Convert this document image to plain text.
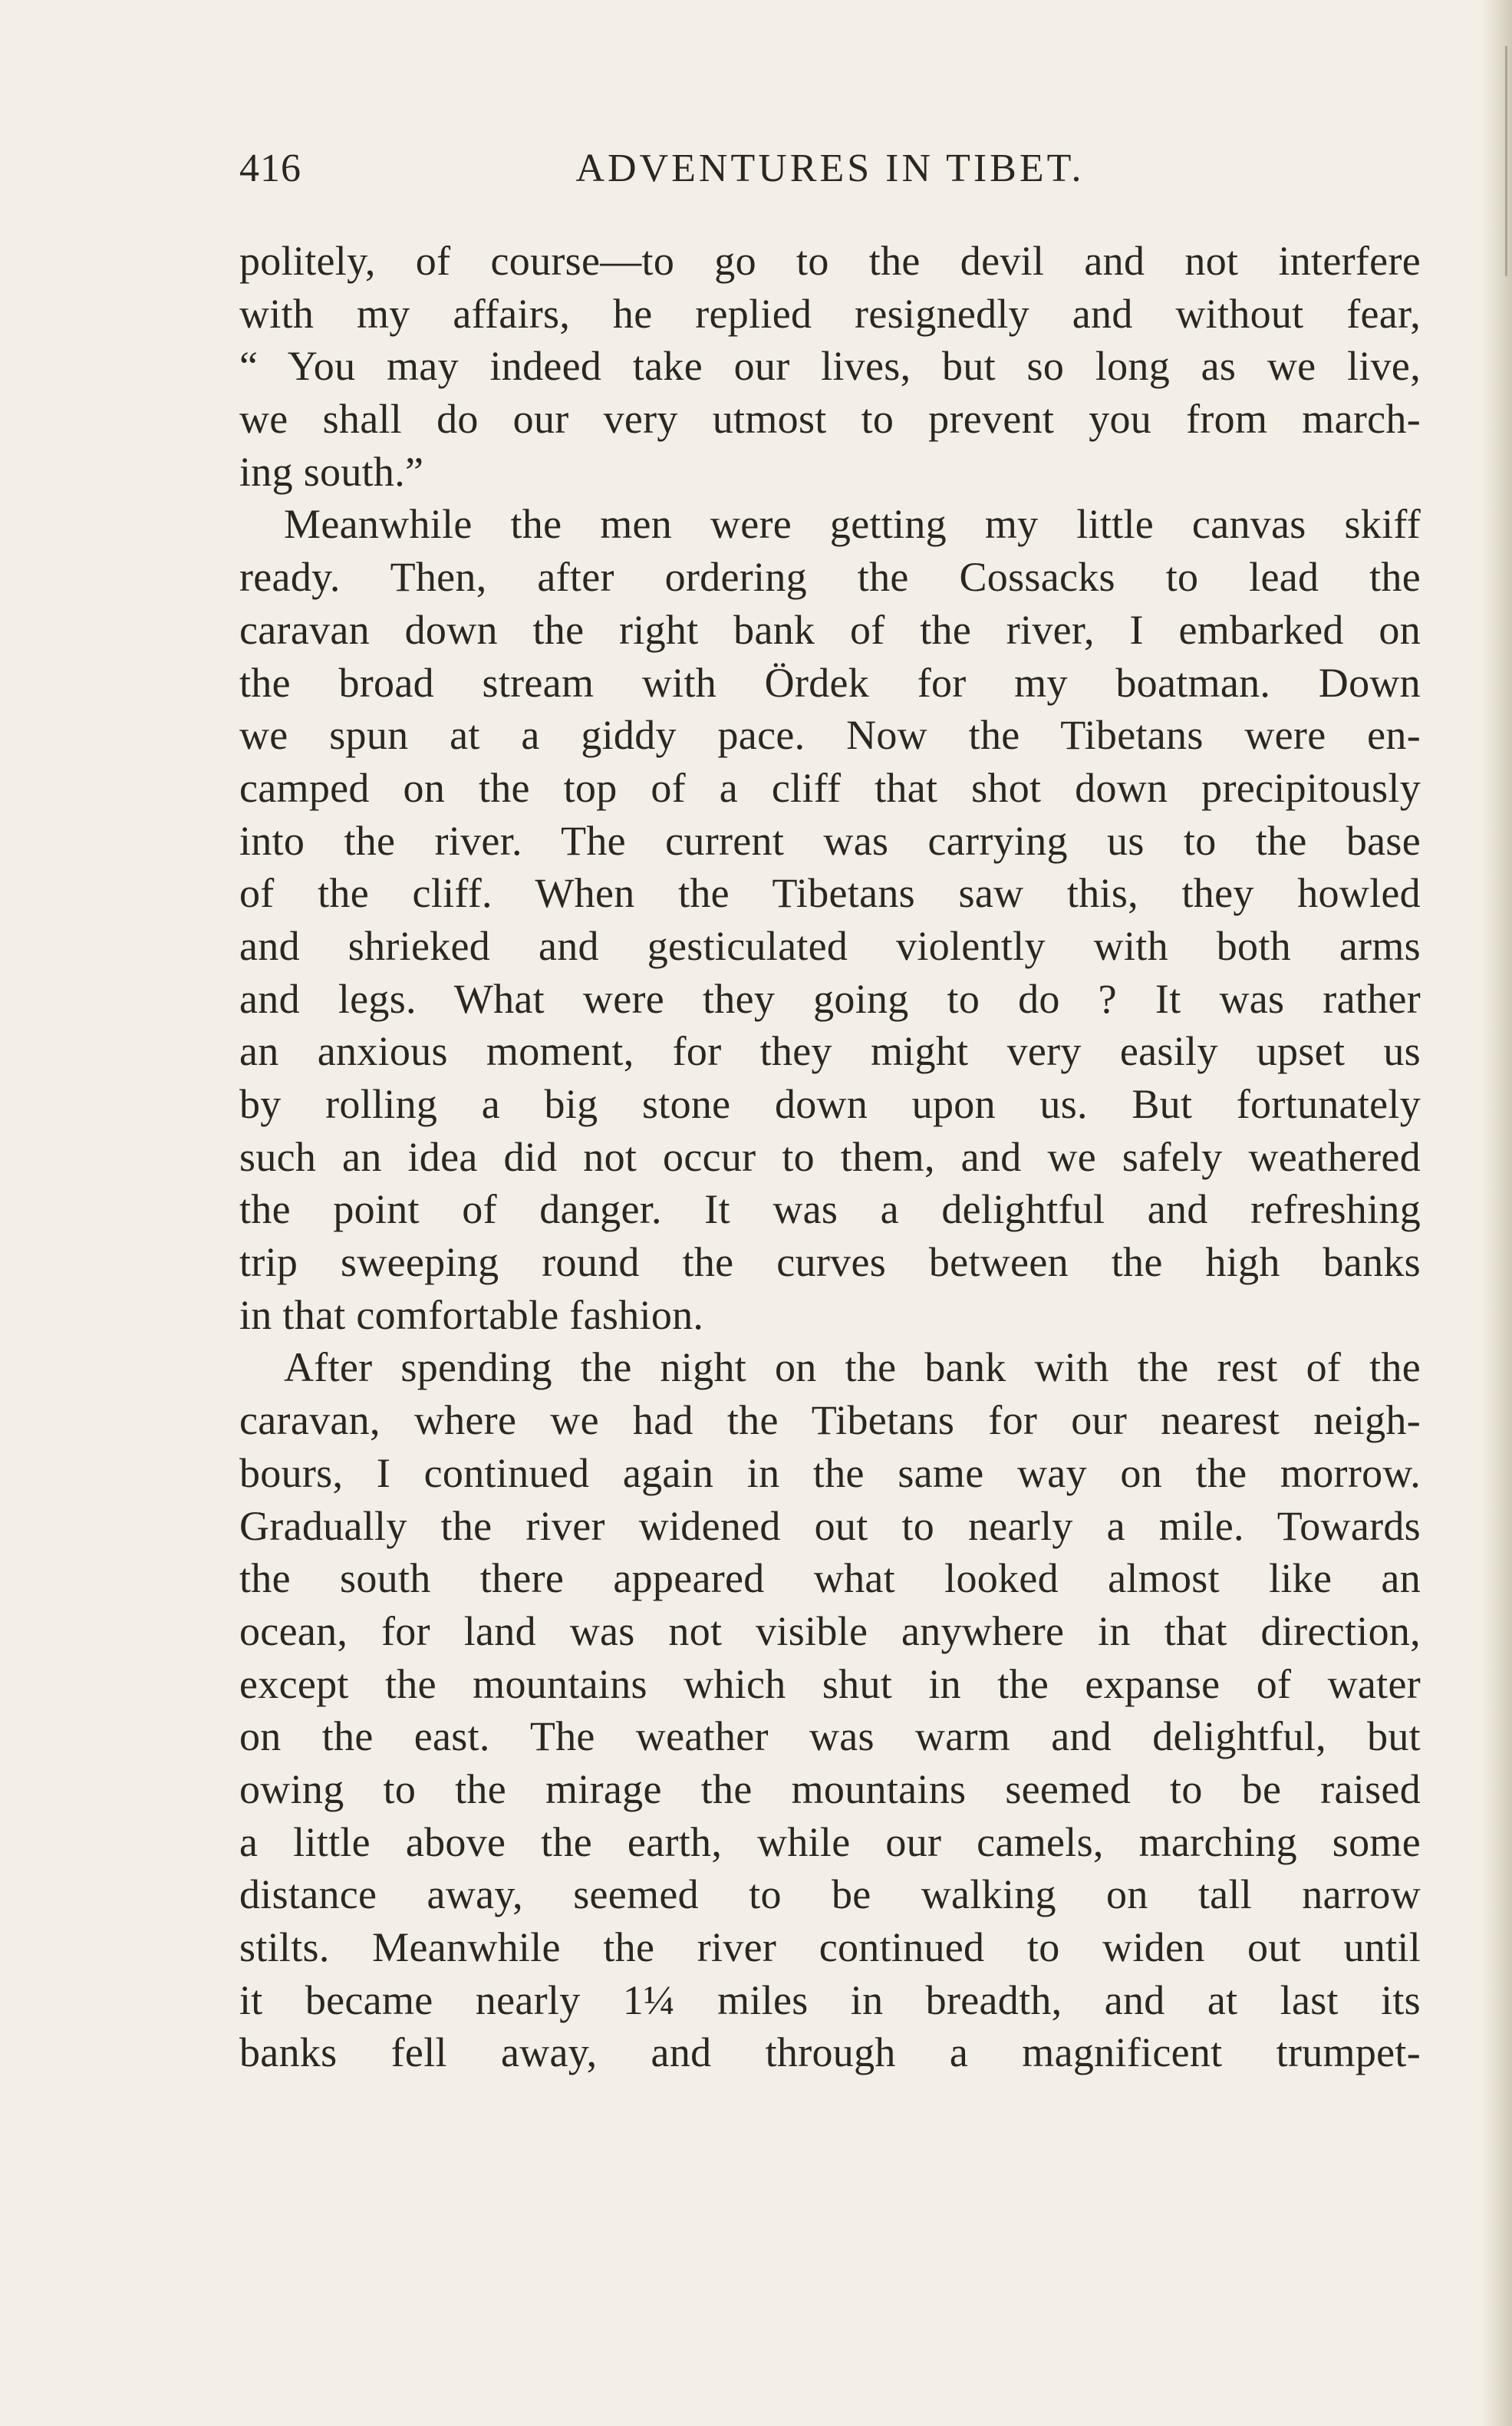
416	ADVENTURES IN TIBET.
politely, of course—to go to the devil and not interfere
with my affairs, he replied resignedly and without fear,
“ You may indeed take our lives, but so long as we live,
we shall do our very utmost to prevent you from march-
ing south.”
Meanwhile the men were getting my little canvas skiff
ready. Then, after ordering the Cossacks to lead the
caravan down the right bank of the river, I embarked on
the broad stream with Ördek for my boatman. Down
we spun at a giddy pace. Now the Tibetans were en-
camped on the top of a cliff that shot down precipitously
into the river. The current was carrying us to the base
of the cliff. When the Tibetans saw this, they howled
and shrieked and gesticulated violently with both arms
and legs. What were they going to do ? It was rather
an anxious moment, for they might very easily upset us
by rolling a big stone down upon us. But fortunately
such an idea did not occur to them, and we safely weathered
the point of danger. It was a delightful and refreshing
trip sweeping round the curves between the high banks
in that comfortable fashion.
After spending the night on the bank with the rest of the
caravan, where we had the Tibetans for our nearest neigh-
bours, I continued again in the same way on the morrow.
Gradually the river widened out to nearly a mile. Towards
the south there appeared what looked almost like an
ocean, for land was not visible anywhere in that direction,
except the mountains which shut in the expanse of water
on the east. The weather was warm and delightful, but
owing to the mirage the mountains seemed to be raised
a little above the earth, while our camels, marching some
distance away, seemed to be walking on tall narrow
stilts. Meanwhile the river continued to widen out until
it became nearly 1¼ miles in breadth, and at last its
banks fell away, and through a magnificent trumpet-
